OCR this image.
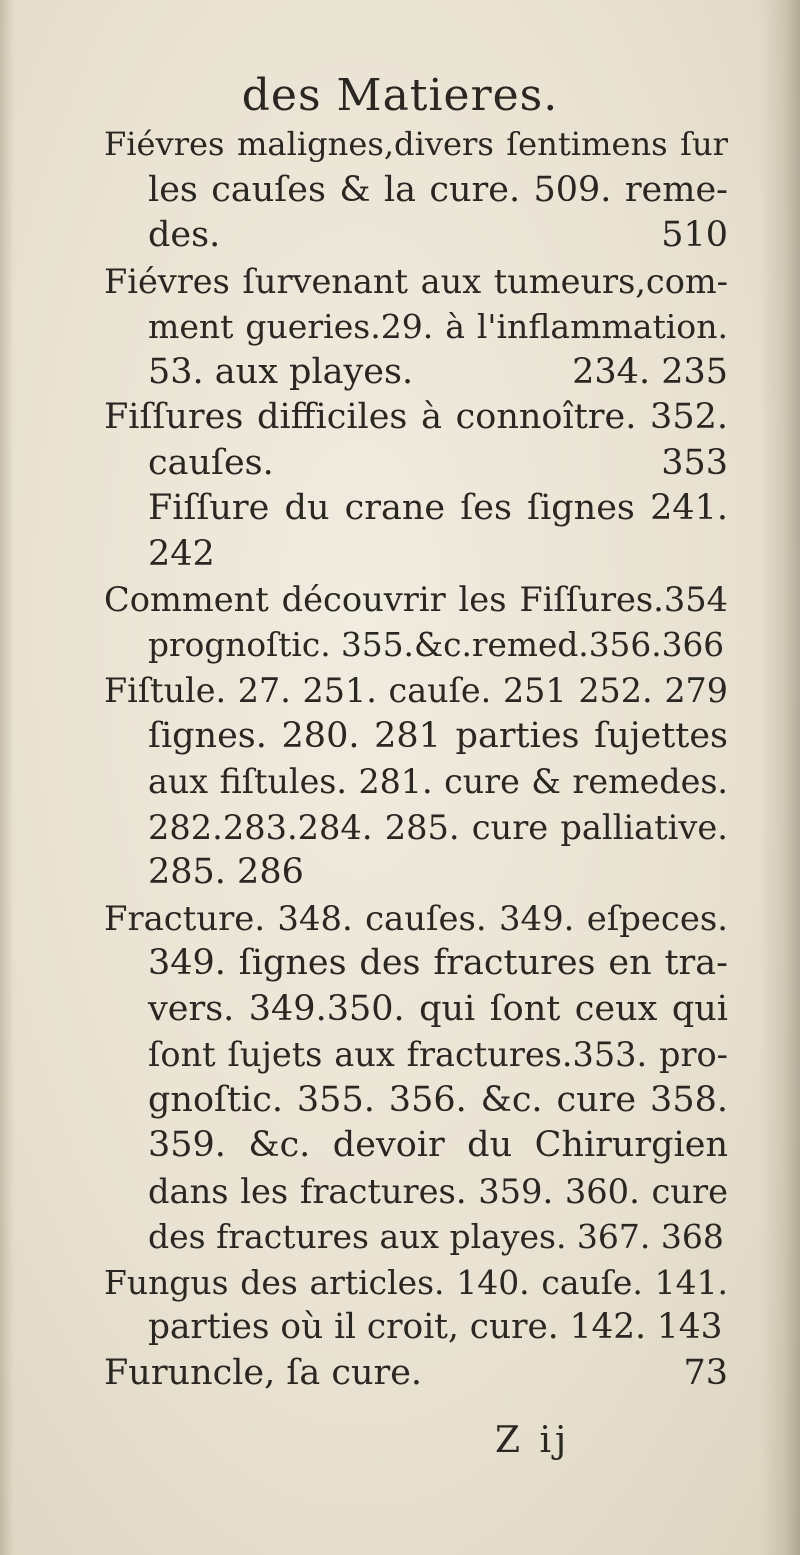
des Matieres.
Fiévres malignes,divers ſentimens ſur
les cauſes & la cure. 509. reme-
des.	510
Fiévres ſurvenant aux tumeurs,com-
ment gueries.29. à l'inflammation.
53. aux playes.	234. 235
Fiſſures difficiles à connoître. 352.
cauſes.	353
Fiſſure du crane ſes ſignes 241.
242
Comment découvrir les Fiſſures.354
prognoſtic. 355.&c.remed.356.366
Fiſtule. 27. 251. cauſe. 251 252. 279
ſignes. 280. 281 parties ſujettes
aux fiſtules. 281. cure & remedes.
282.283.284. 285. cure palliative.
285. 286
Fracture. 348. cauſes. 349. eſpeces.
349. ſignes des fractures en tra-
vers. 349.350. qui ſont ceux qui
ſont ſujets aux fractures.353. pro-
gnoſtic. 355. 356. &c. cure 358.
359. &c. devoir du Chirurgien
dans les fractures. 359. 360. cure
des fractures aux playes. 367. 368
Fungus des articles. 140. cauſe. 141.
parties où il croit, cure. 142. 143
Furuncle, ſa cure.	73
Z ij
